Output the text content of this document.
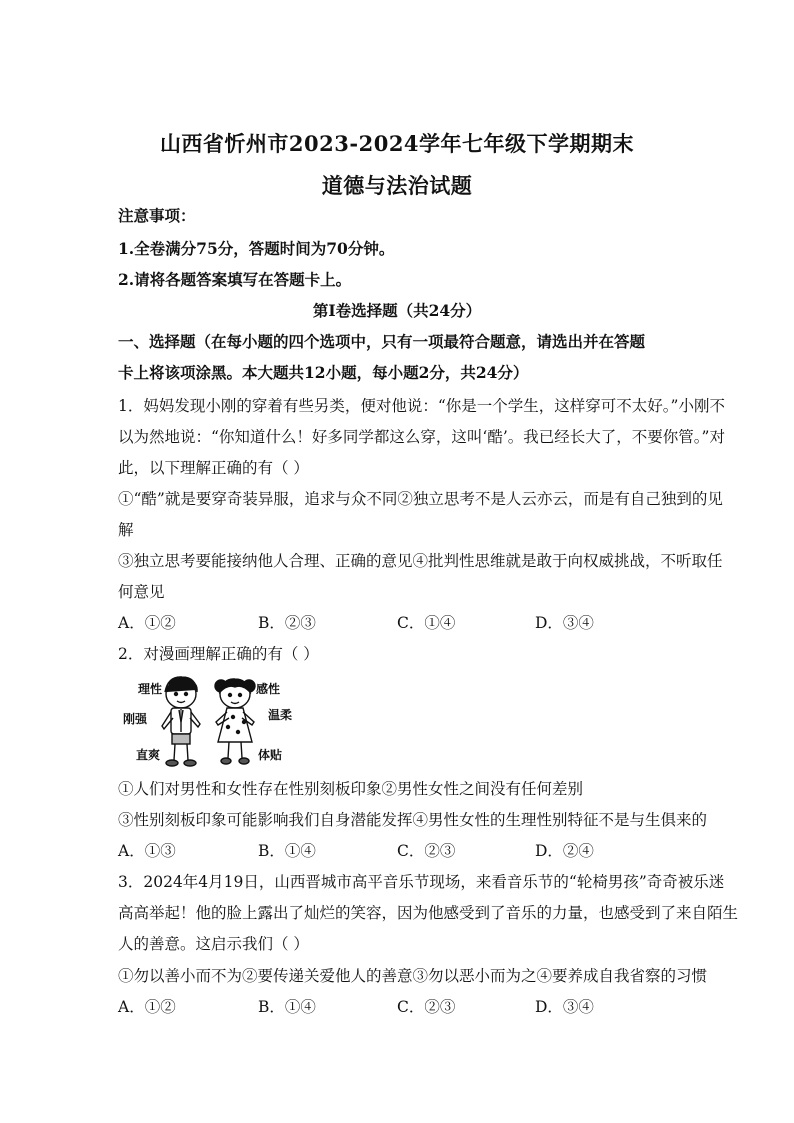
山西省忻州市2023-2024学年七年级下学期期末
道德与法治试题
注意事项：
1.全卷满分75分，答题时间为70分钟。
2.请将各题答案填写在答题卡上。
第Ⅰ卷选择题（共24分）
一、选择题（在每小题的四个选项中，只有一项最符合题意，请选出并在答题
卡上将该项涂黑。本大题共12小题，每小题2分，共24分）
1．妈妈发现小刚的穿着有些另类，便对他说：“你是一个学生，这样穿可不太好。”小刚不
以为然地说：“你知道什么！好多同学都这么穿，这叫‘酷’。我已经长大了，不要你管。”对
此，以下理解正确的有（ ）
①“酷”就是要穿奇装异服，追求与众不同②独立思考不是人云亦云，而是有自己独到的见
解
③独立思考要能接纳他人合理、正确的意见④批判性思维就是敢于向权威挑战，不听取任
何意见
A．①②	B．②③	C．①④	D．③④
2．对漫画理解正确的有（ ）
理性
刚强
直爽
感性
温柔
体贴
①人们对男性和女性存在性别刻板印象②男性女性之间没有任何差别
③性别刻板印象可能影响我们自身潜能发挥④男性女性的生理性别特征不是与生俱来的
A．①③	B．①④	C．②③	D．②④
3．2024年4月19日，山西晋城市高平音乐节现场，来看音乐节的“轮椅男孩”奇奇被乐迷
高高举起！他的脸上露出了灿烂的笑容，因为他感受到了音乐的力量，也感受到了来自陌生
人的善意。这启示我们（ ）
①勿以善小而不为②要传递关爱他人的善意③勿以恶小而为之④要养成自我省察的习惯
A．①②	B．①④	C．②③	D．③④
